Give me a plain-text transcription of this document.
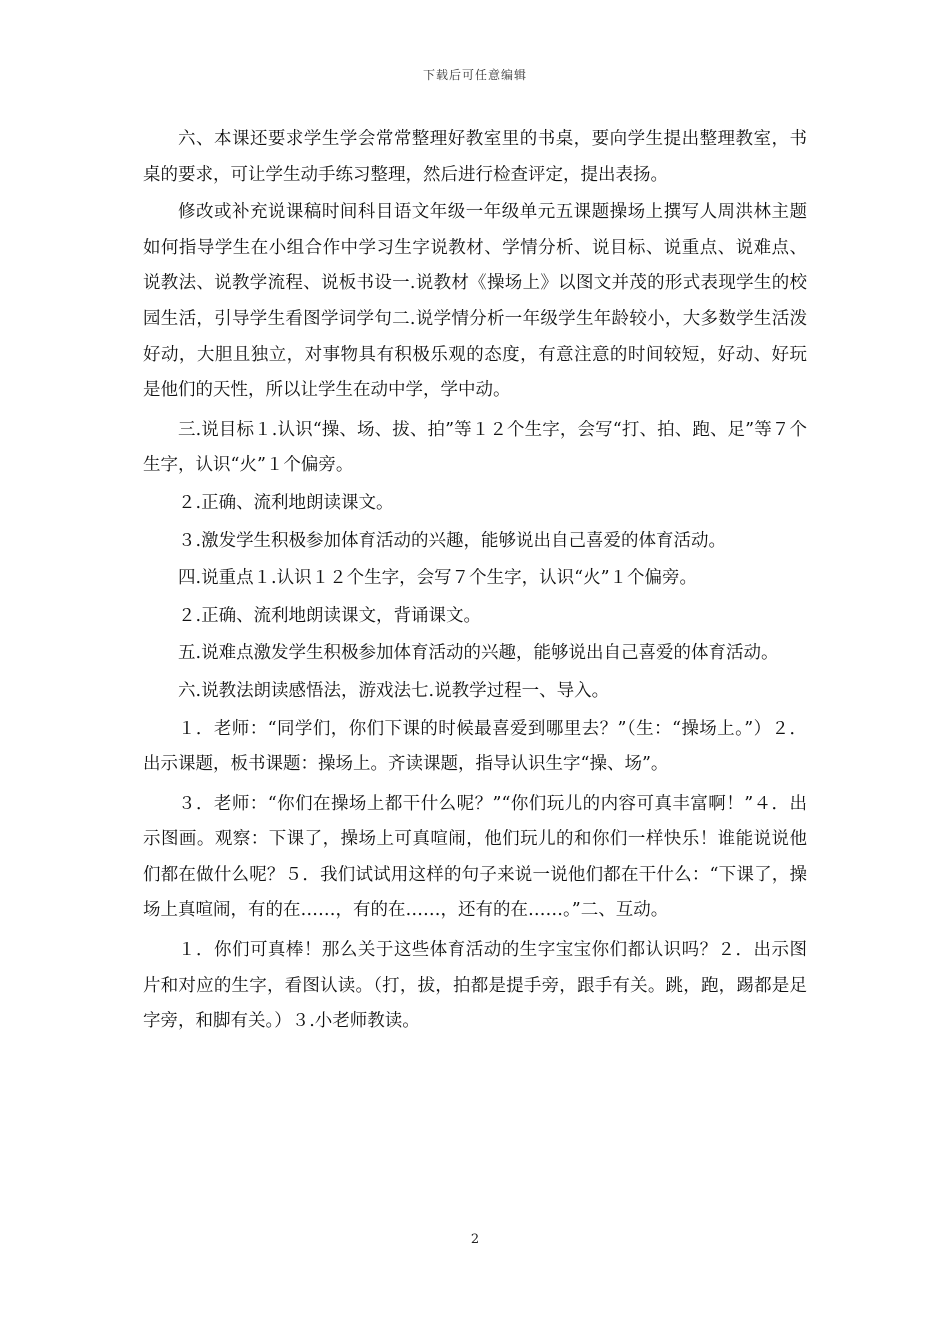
下载后可任意编辑

六、本课还要求学生学会常常整理好教室里的书桌，要向学生提出整理教室，书桌的要求，可让学生动手练习整理，然后进行检查评定，提出表扬。

修改或补充说课稿时间科目语文年级一年级单元五课题操场上撰写人周洪林主题如何指导学生在小组合作中学习生字说教材、学情分析、说目标、说重点、说难点、说教法、说教学流程、说板书设一.说教材《操场上》以图文并茂的形式表现学生的校园生活，引导学生看图学词学句二.说学情分析一年级学生年龄较小，大多数学生活泼好动，大胆且独立，对事物具有积极乐观的态度，有意注意的时间较短，好动、好玩是他们的天性，所以让学生在动中学，学中动。

三.说目标１.认识“操、场、拔、拍”等１２个生字，会写“打、拍、跑、足”等７个生字，认识“火”１个偏旁。

２.正确、流利地朗读课文。

３.激发学生积极参加体育活动的兴趣，能够说出自己喜爱的体育活动。

四.说重点１.认识１２个生字，会写７个生字，认识“火”１个偏旁。

２.正确、流利地朗读课文，背诵课文。

五.说难点激发学生积极参加体育活动的兴趣，能够说出自己喜爱的体育活动。

六.说教法朗读感悟法，游戏法七.说教学过程一、导入。

１．老师：“同学们，你们下课的时候最喜爱到哪里去？”（生：“操场上。”）２．出示课题，板书课题：操场上。齐读课题，指导认识生字“操、场”。

３．老师：“你们在操场上都干什么呢？”“你们玩儿的内容可真丰富啊！”４．出示图画。观察：下课了，操场上可真喧闹，他们玩儿的和你们一样快乐！谁能说说他们都在做什么呢？５．我们试试用这样的句子来说一说他们都在干什么：“下课了，操场上真喧闹，有的在……，有的在……，还有的在……。”二、互动。

１．你们可真棒！那么关于这些体育活动的生字宝宝你们都认识吗？２．出示图片和对应的生字，看图认读。（打，拔，拍都是提手旁，跟手有关。跳，跑，踢都是足字旁，和脚有关。）３.小老师教读。

2
